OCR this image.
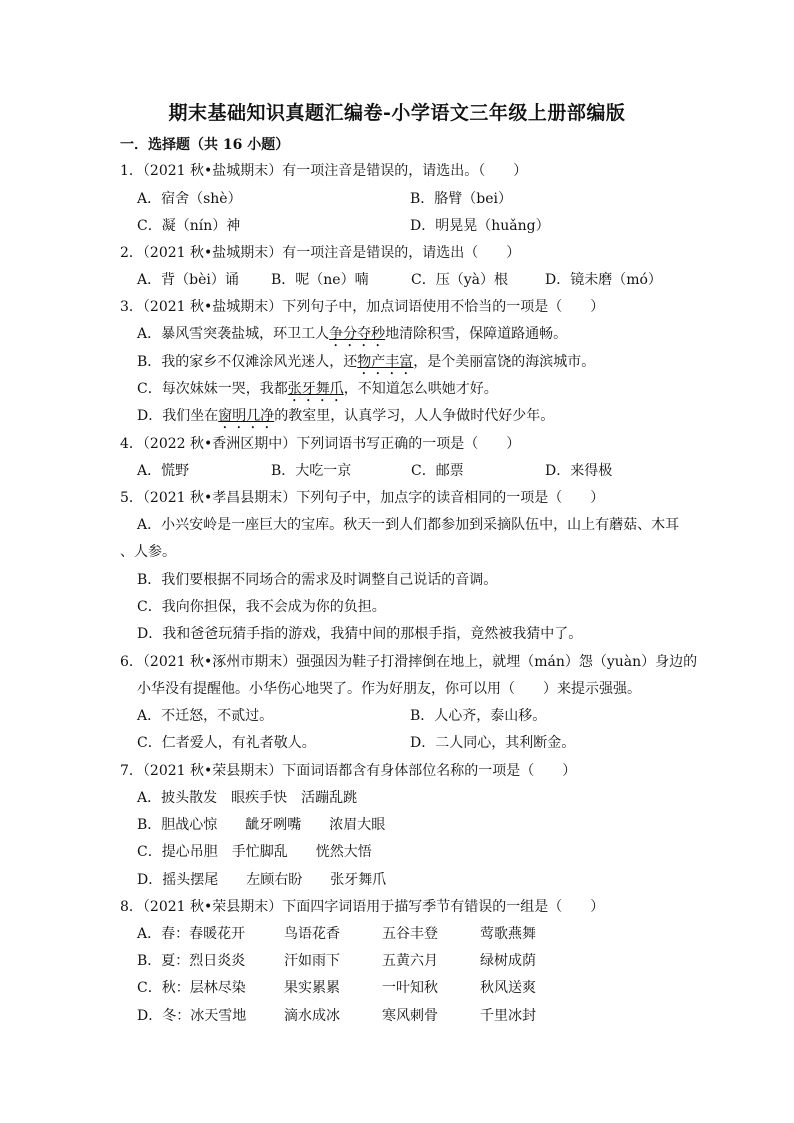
期末基础知识真题汇编卷-小学语文三年级上册部编版
一．选择题（共 16 小题）
1．（2021 秋•盐城期末）有一项注音是错误的，请选出。（　　）
A．宿舍（shè）	B．胳臂（bei）
C．凝（nín）神	D．明晃晃（huǎng）
2．（2021 秋•盐城期末）有一项注音是错误的，请选出（　　）
A．背（bèi）诵 B．呢（ne）喃	C．压（yà）根	D．镜未磨（mó）
3．（2021 秋•盐城期末）下列句子中，加点词语使用不恰当的一项是（　　）
A．暴风雪突袭盐城，环卫工人争分夺秒地清除积雪，保障道路通畅。
B．我的家乡不仅滩涂风光迷人，还物产丰富，是个美丽富饶的海滨城市。
C．每次妹妹一哭，我都张牙舞爪，不知道怎么哄她才好。
D．我们坐在窗明几净的教室里，认真学习，人人争做时代好少年。
4．（2022 秋•香洲区期中）下列词语书写正确的一项是（　　）
A．慌野	B．大吃一京	C．邮票	D．来得极
5．（2021 秋•孝昌县期末）下列句子中，加点字的读音相同的一项是（　　）
A．小兴安岭是一座巨大的宝库。秋天一到人们都参加到采摘队伍中，山上有蘑菇、木耳
、人参。
B．我们要根据不同场合的需求及时调整自己说话的音调。
C．我向你担保，我不会成为你的负担。
D．我和爸爸玩猜手指的游戏，我猜中间的那根手指，竟然被我猜中了。
6．（2021 秋•涿州市期末）强强因为鞋子打滑摔倒在地上，就埋（mán）怨（yuàn）身边的
小华没有提醒他。小华伤心地哭了。作为好朋友，你可以用（　　）来提示强强。
A．不迁怒，不贰过。	B．人心齐，泰山移。
C．仁者爱人，有礼者敬人。	D．二人同心，其利断金。
7．（2021 秋•荣县期末）下面词语都含有身体部位名称的一项是（　　）
A．披头散发　眼疾手快　活蹦乱跳
B．胆战心惊　　龇牙咧嘴　　浓眉大眼
C．提心吊胆　手忙脚乱　　恍然大悟
D．摇头摆尾　　左顾右盼　　张牙舞爪
8．（2021 秋•荣县期末）下面四字词语用于描写季节有错误的一组是（　　）
A．春：春暖花开	鸟语花香	五谷丰登	莺歌燕舞
B．夏：烈日炎炎	汗如雨下	五黄六月	绿树成荫
C．秋：层林尽染	果实累累	一叶知秋	秋风送爽
D．冬：冰天雪地	滴水成冰	寒风刺骨	千里冰封
